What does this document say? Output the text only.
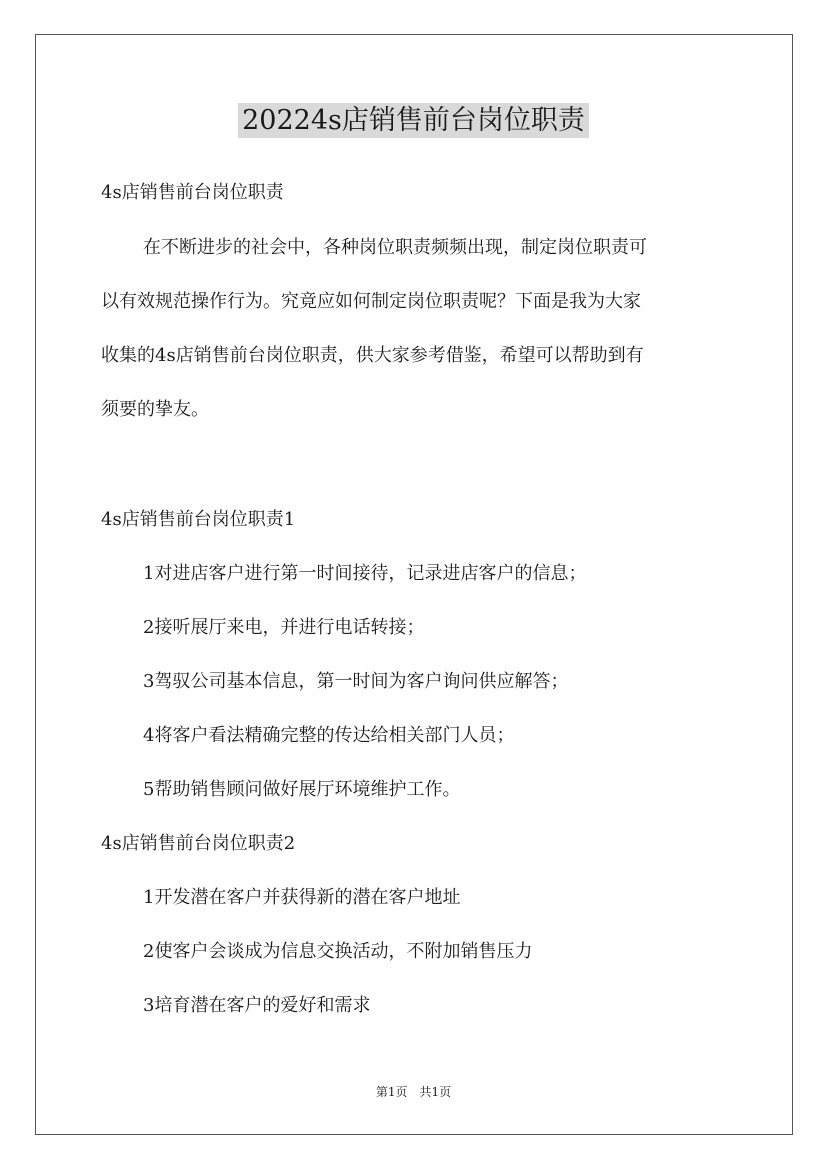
20224s店销售前台岗位职责

4s店销售前台岗位职责

在不断进步的社会中，各种岗位职责频频出现，制定岗位职责可

以有效规范操作行为。究竟应如何制定岗位职责呢？下面是我为大家

收集的4s店销售前台岗位职责，供大家参考借鉴，希望可以帮助到有

须要的挚友。

4s店销售前台岗位职责1

1对进店客户进行第一时间接待，记录进店客户的信息；

2接听展厅来电，并进行电话转接；

3驾驭公司基本信息，第一时间为客户询问供应解答；

4将客户看法精确完整的传达给相关部门人员；

5帮助销售顾问做好展厅环境维护工作。

4s店销售前台岗位职责2

1开发潜在客户并获得新的潜在客户地址

2使客户会谈成为信息交换活动，不附加销售压力

3培育潜在客户的爱好和需求

第1页 共1页
